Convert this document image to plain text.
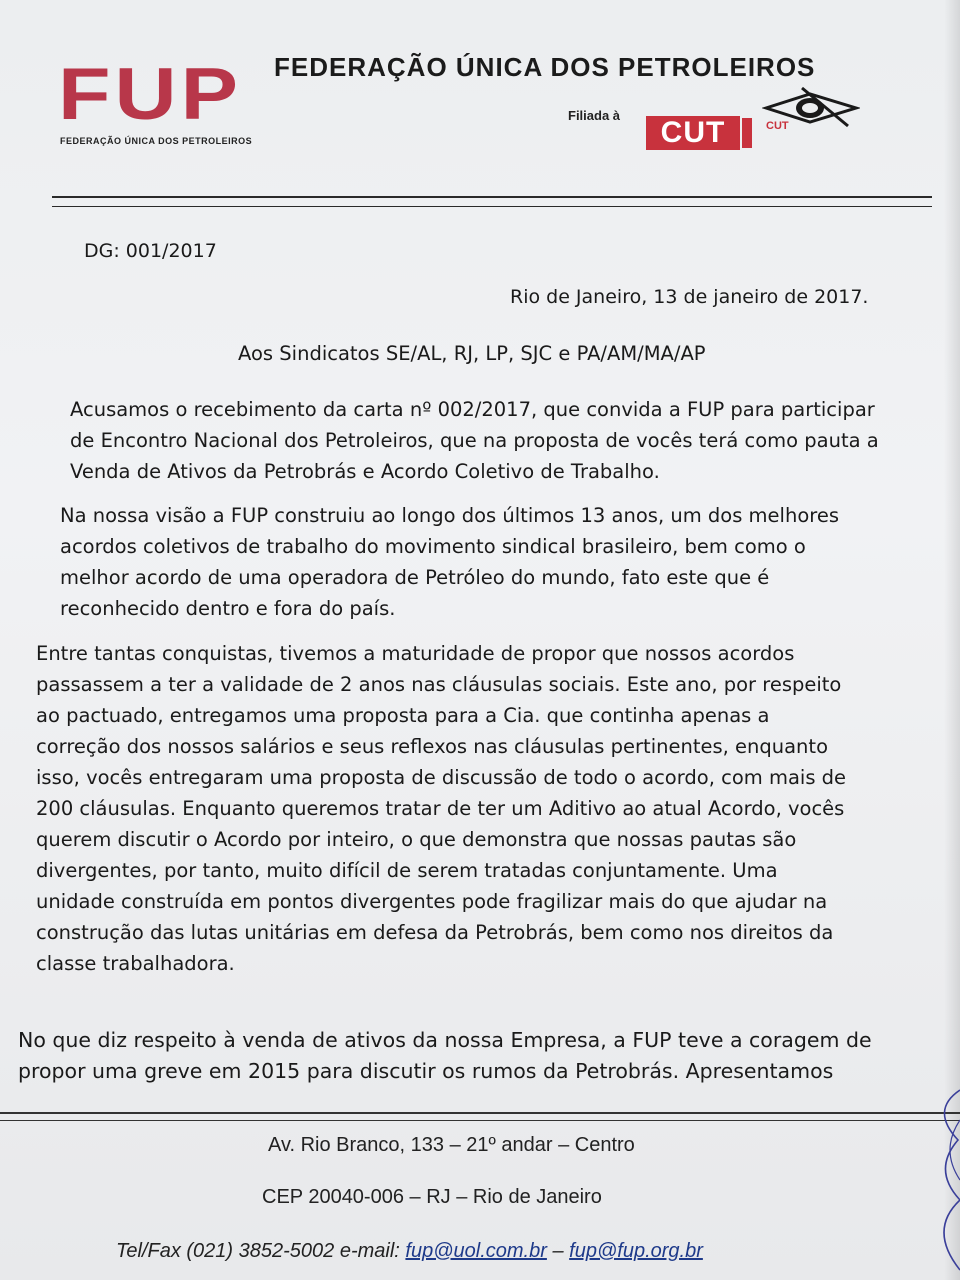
FUP
FEDERAÇÃO ÚNICA DOS PETROLEIROS
FEDERAÇÃO ÚNICA DOS PETROLEIROS
Filiada à
CUT	CUT
DG: 001/2017
Rio de Janeiro, 13 de janeiro de 2017.
Aos Sindicatos SE/AL, RJ, LP, SJC e PA/AM/MA/AP
Acusamos o recebimento da carta nº 002/2017, que convida a FUP para participar
de Encontro Nacional dos Petroleiros, que na proposta de vocês terá como pauta a
Venda de Ativos da Petrobrás e Acordo Coletivo de Trabalho.
Na nossa visão a FUP construiu ao longo dos últimos 13 anos, um dos melhores
acordos coletivos de trabalho do movimento sindical brasileiro, bem como o
melhor acordo de uma operadora de Petróleo do mundo, fato este que é
reconhecido dentro e fora do país.
Entre tantas conquistas, tivemos a maturidade de propor que nossos acordos
passassem a ter a validade de 2 anos nas cláusulas sociais. Este ano, por respeito
ao pactuado, entregamos uma proposta para a Cia. que continha apenas a
correção dos nossos salários e seus reflexos nas cláusulas pertinentes, enquanto
isso, vocês entregaram uma proposta de discussão de todo o acordo, com mais de
200 cláusulas. Enquanto queremos tratar de ter um Aditivo ao atual Acordo, vocês
querem discutir o Acordo por inteiro, o que demonstra que nossas pautas são
divergentes, por tanto, muito difícil de serem tratadas conjuntamente. Uma
unidade construída em pontos divergentes pode fragilizar mais do que ajudar na
construção das lutas unitárias em defesa da Petrobrás, bem como nos direitos da
classe trabalhadora.
No que diz respeito à venda de ativos da nossa Empresa, a FUP teve a coragem de
propor uma greve em 2015 para discutir os rumos da Petrobrás. Apresentamos
Av. Rio Branco, 133 – 21º andar – Centro
CEP 20040-006 – RJ – Rio de Janeiro
Tel/Fax (021) 3852-5002 e-mail: fup@uol.com.br – fup@fup.org.br
